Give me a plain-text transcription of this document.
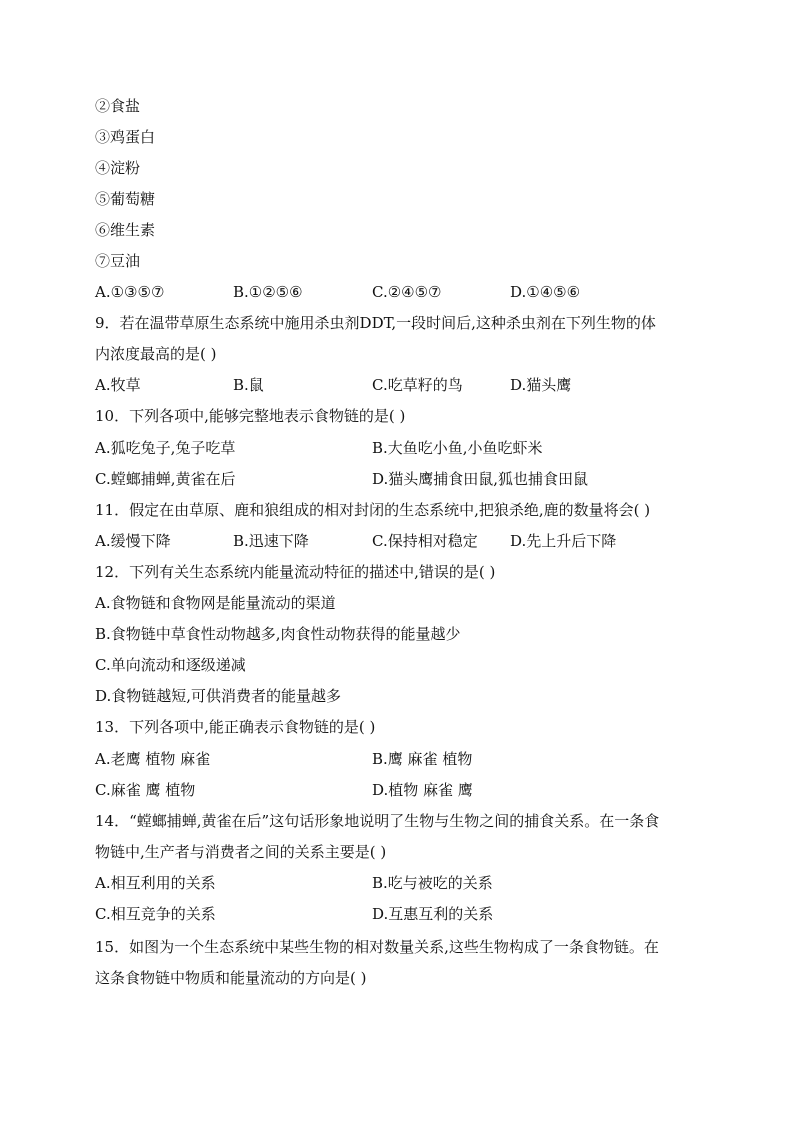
②食盐
③鸡蛋白
④淀粉
⑤葡萄糖
⑥维生素
⑦豆油
A.①③⑤⑦	B.①②⑤⑥	C.②④⑤⑦	D.①④⑤⑥
9．若在温带草原生态系统中施用杀虫剂DDT,一段时间后,这种杀虫剂在下列生物的体
内浓度最高的是( )
A.牧草	B.鼠	C.吃草籽的鸟	D.猫头鹰
10．下列各项中,能够完整地表示食物链的是( )
A.狐吃兔子,兔子吃草	B.大鱼吃小鱼,小鱼吃虾米
C.螳螂捕蝉,黄雀在后	D.猫头鹰捕食田鼠,狐也捕食田鼠
11．假定在由草原、鹿和狼组成的相对封闭的生态系统中,把狼杀绝,鹿的数量将会( )
A.缓慢下降	B.迅速下降	C.保持相对稳定 D.先上升后下降
12．下列有关生态系统内能量流动特征的描述中,错误的是( )
A.食物链和食物网是能量流动的渠道
B.食物链中草食性动物越多,肉食性动物获得的能量越少
C.单向流动和逐级递减
D.食物链越短,可供消费者的能量越多
13．下列各项中,能正确表示食物链的是( )
A.老鹰 植物 麻雀	B.鹰 麻雀 植物
C.麻雀 鹰 植物	D.植物 麻雀 鹰
14．“螳螂捕蝉,黄雀在后”这句话形象地说明了生物与生物之间的捕食关系。在一条食
物链中,生产者与消费者之间的关系主要是( )
A.相互利用的关系	B.吃与被吃的关系
C.相互竞争的关系	D.互惠互利的关系
15．如图为一个生态系统中某些生物的相对数量关系,这些生物构成了一条食物链。在
这条食物链中物质和能量流动的方向是( )
